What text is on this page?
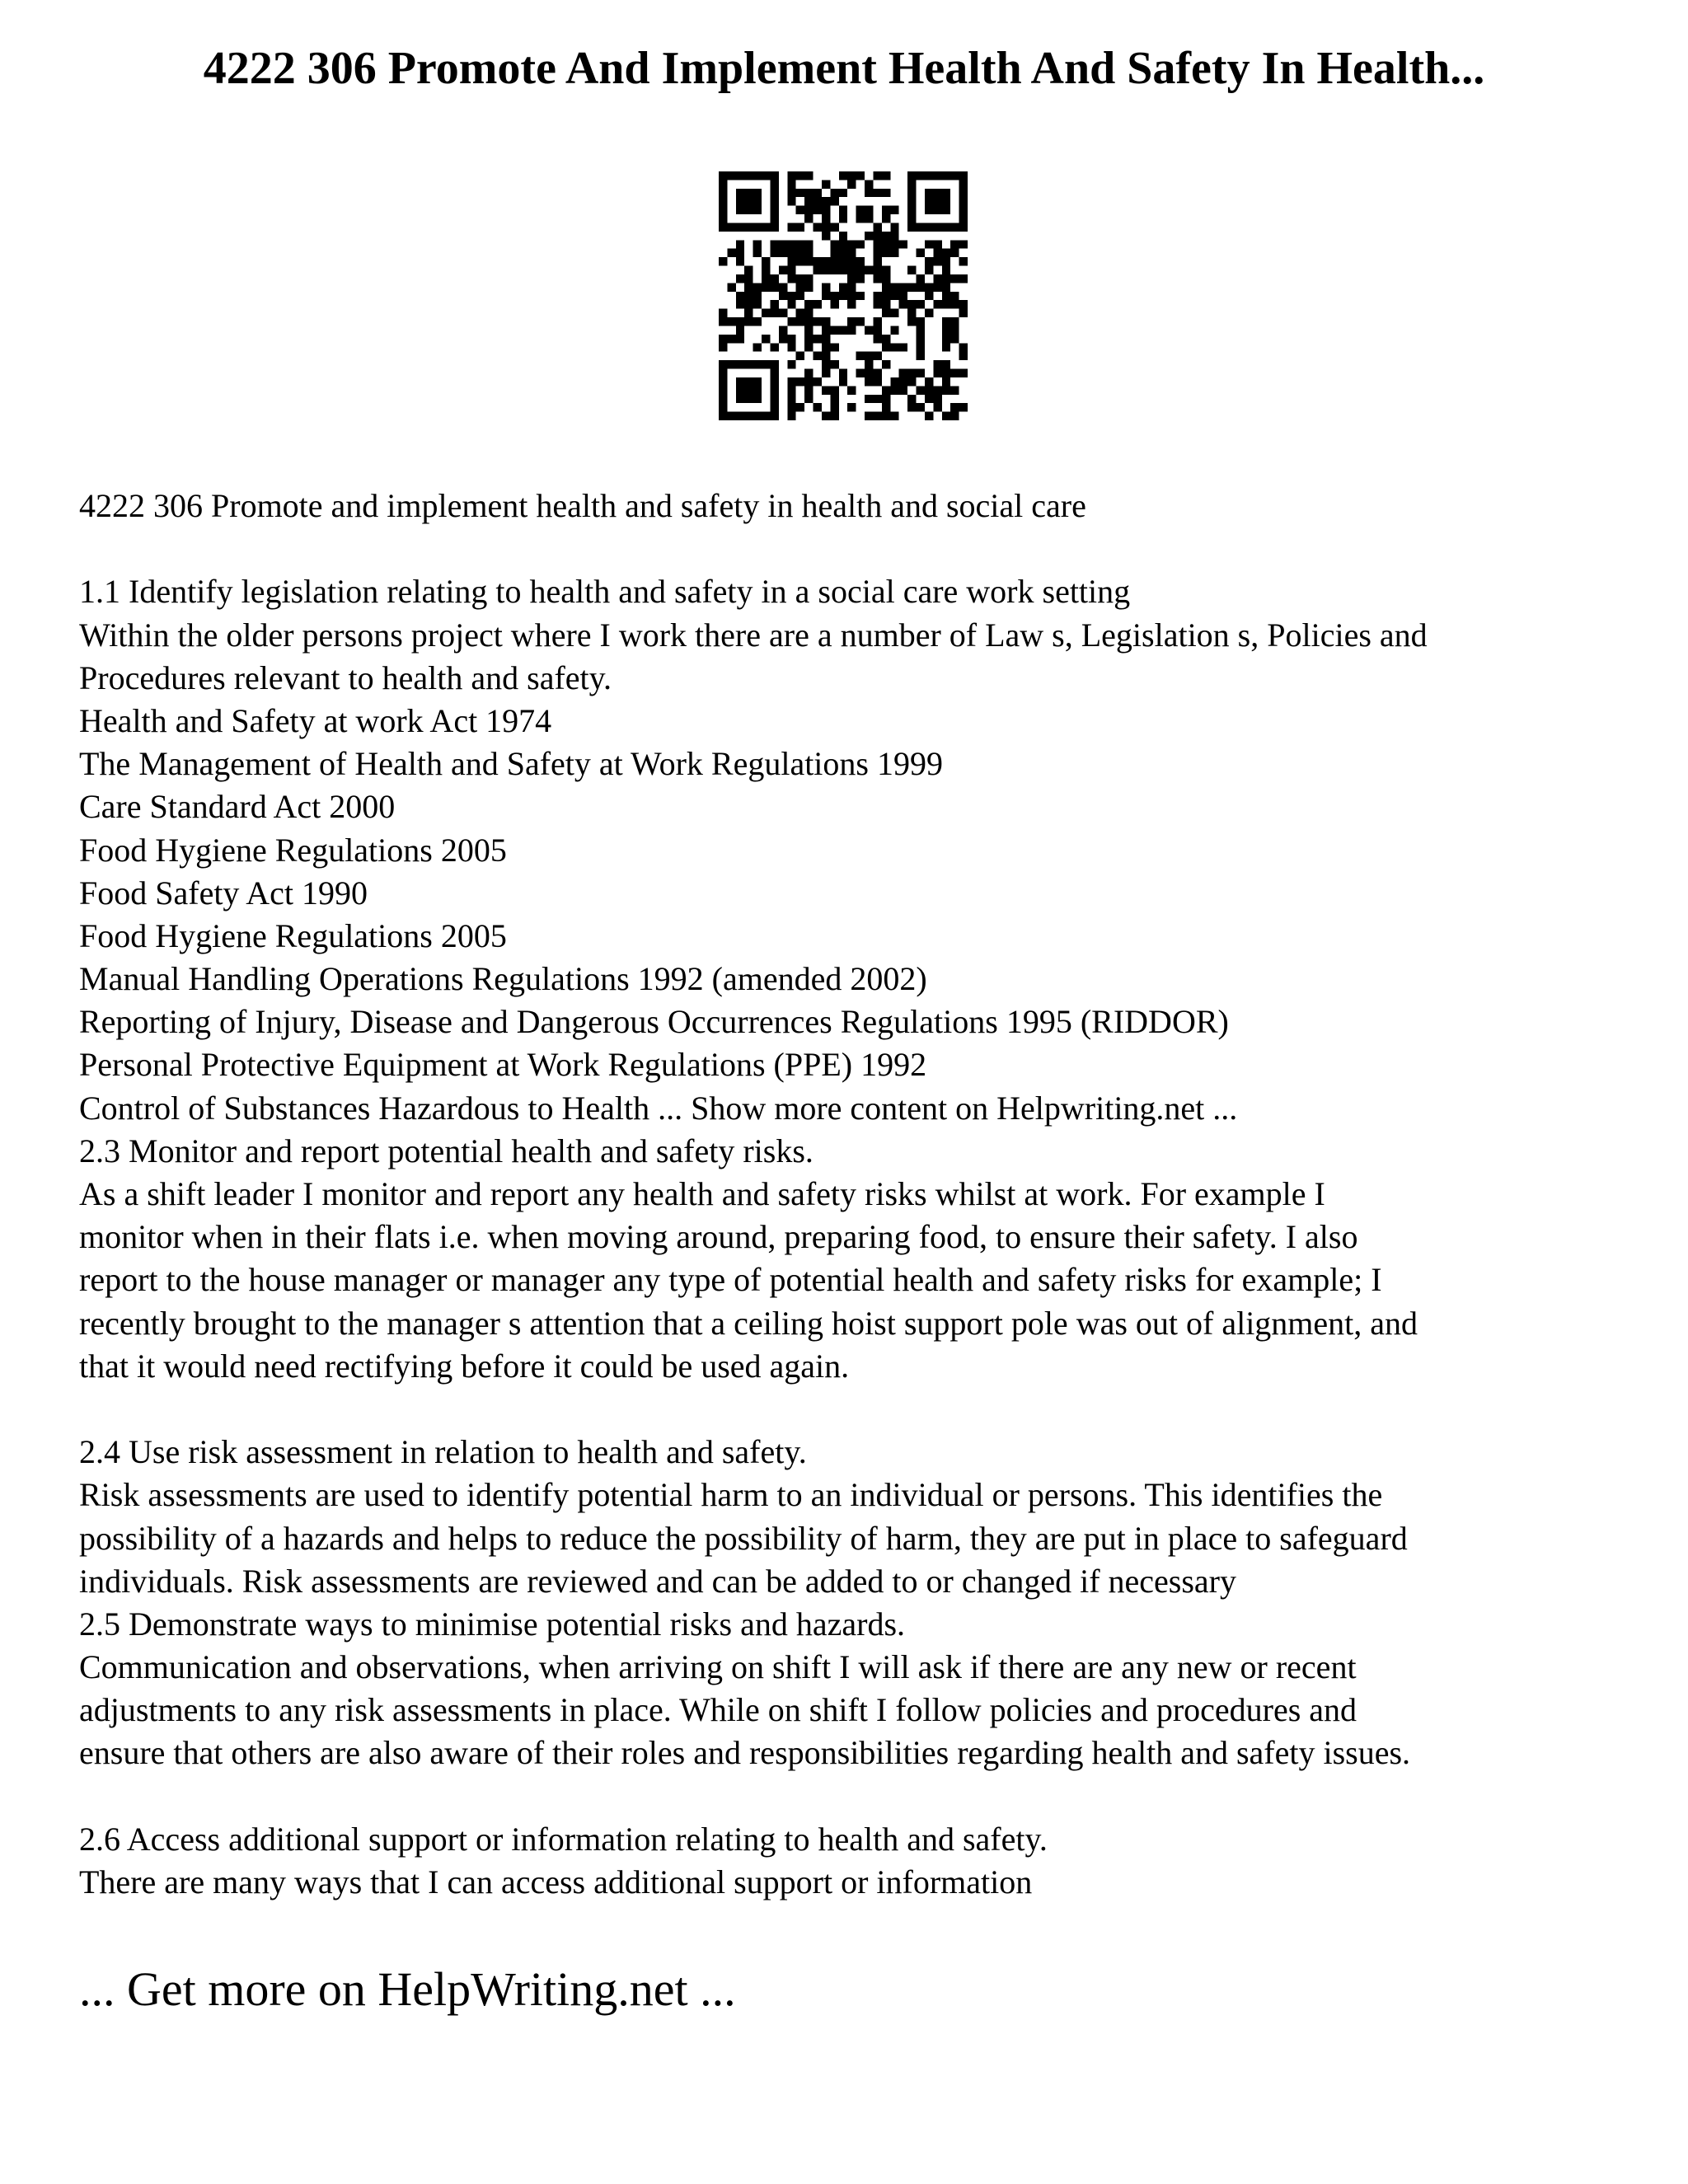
4222 306 Promote And Implement Health And Safety In Health...
4222 306 Promote and implement health and safety in health and social care
1.1 Identify legislation relating to health and safety in a social care work setting
Within the older persons project where I work there are a number of Law s, Legislation s, Policies and
Procedures relevant to health and safety.
Health and Safety at work Act 1974
The Management of Health and Safety at Work Regulations 1999
Care Standard Act 2000
Food Hygiene Regulations 2005
Food Safety Act 1990
Food Hygiene Regulations 2005
Manual Handling Operations Regulations 1992 (amended 2002)
Reporting of Injury, Disease and Dangerous Occurrences Regulations 1995 (RIDDOR)
Personal Protective Equipment at Work Regulations (PPE) 1992
Control of Substances Hazardous to Health ... Show more content on Helpwriting.net ...
2.3 Monitor and report potential health and safety risks.
As a shift leader I monitor and report any health and safety risks whilst at work. For example I
monitor when in their flats i.e. when moving around, preparing food, to ensure their safety. I also
report to the house manager or manager any type of potential health and safety risks for example; I
recently brought to the manager s attention that a ceiling hoist support pole was out of alignment, and
that it would need rectifying before it could be used again.
2.4 Use risk assessment in relation to health and safety.
Risk assessments are used to identify potential harm to an individual or persons. This identifies the
possibility of a hazards and helps to reduce the possibility of harm, they are put in place to safeguard
individuals. Risk assessments are reviewed and can be added to or changed if necessary
2.5 Demonstrate ways to minimise potential risks and hazards.
Communication and observations, when arriving on shift I will ask if there are any new or recent
adjustments to any risk assessments in place. While on shift I follow policies and procedures and
ensure that others are also aware of their roles and responsibilities regarding health and safety issues.
2.6 Access additional support or information relating to health and safety.
There are many ways that I can access additional support or information
... Get more on HelpWriting.net ...
